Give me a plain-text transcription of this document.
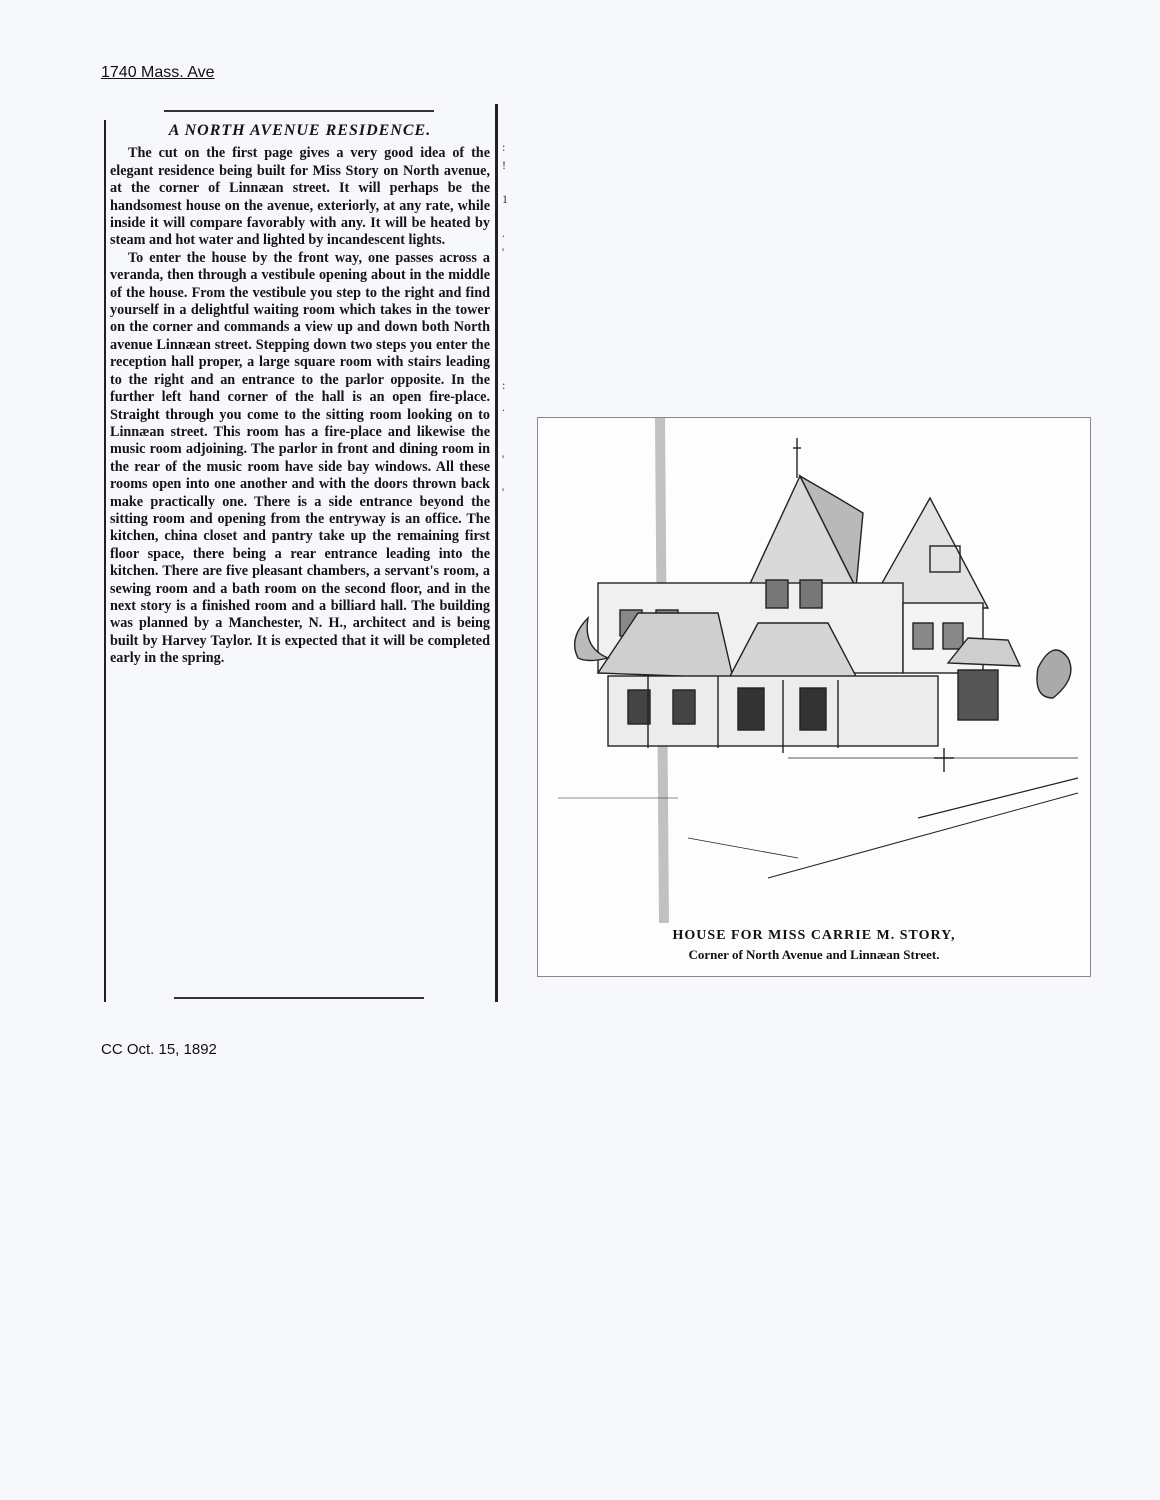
1740 Mass. Ave
A NORTH AVENUE RESIDENCE.

The cut on the first page gives a very good idea of the elegant residence being built for Miss Story on North avenue, at the corner of Linnæan street. It will perhaps be the handsomest house on the avenue, exteriorly, at any rate, while inside it will compare favorably with any. It will be heated by steam and hot water and lighted by incandescent lights.

To enter the house by the front way, one passes across a veranda, then through a vestibule opening about in the middle of the house. From the vestibule you step to the right and find yourself in a delightful waiting room which takes in the tower on the corner and commands a view up and down both North avenue Linnæan street. Stepping down two steps you enter the reception hall proper, a large square room with stairs leading to the right and an entrance to the parlor opposite. In the further left hand corner of the hall is an open fire-place. Straight through you come to the sitting room looking on to Linnæan street. This room has a fire-place and likewise the music room adjoining. The parlor in front and dining room in the rear of the music room have side bay windows. All these rooms open into one another and with the doors thrown back make practically one. There is a side entrance beyond the sitting room and opening from the entryway is an office. The kitchen, china closet and pantry take up the remaining first floor space, there being a rear entrance leading into the kitchen. There are five pleasant chambers, a servant's room, a sewing room and a bath room on the second floor, and in the next story is a finished room and a billiard hall. The building was planned by a Manchester, N. H., architect and is being built by Harvey Taylor. It is expected that it will be completed early in the spring.

:
!
1
.
'
:
.
'
'
CC Oct. 15, 1892
HOUSE FOR MISS CARRIE M. STORY,
Corner of North Avenue and Linnæan Street.
